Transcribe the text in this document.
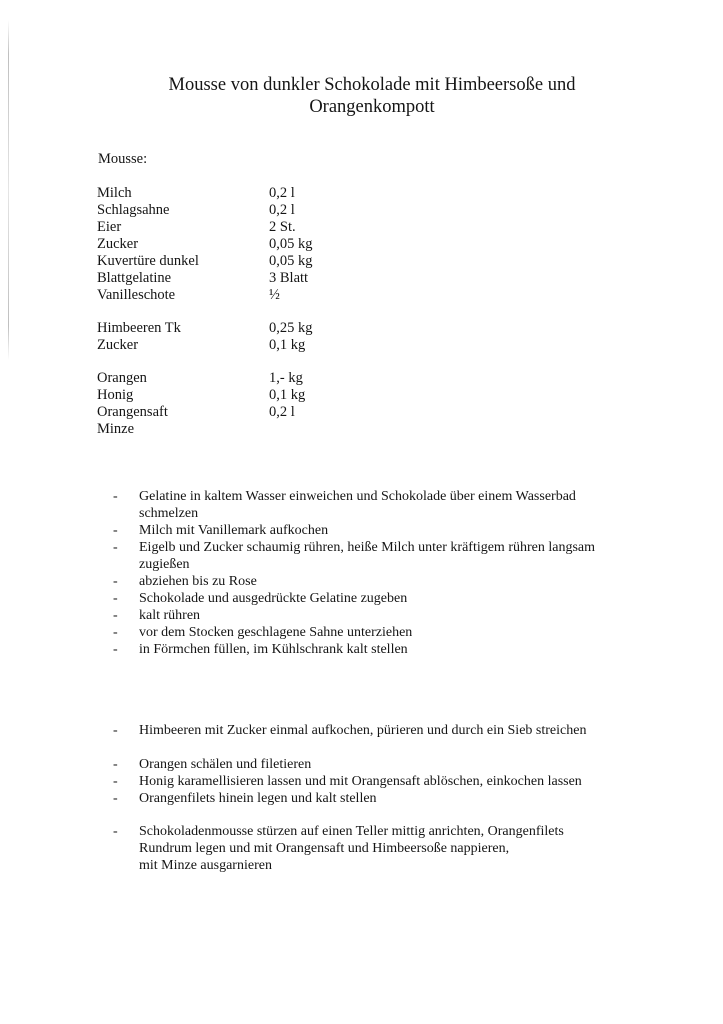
Mousse von dunkler Schokolade mit Himbeersoße und
Orangenkompott
Mousse:
Milch	0,2 l
Schlagsahne	0,2 l
Eier	2 St.
Zucker	0,05 kg
Kuvertüre dunkel	0,05 kg
Blattgelatine	3 Blatt
Vanilleschote	½
Himbeeren Tk	0,25 kg
Zucker	0,1 kg
Orangen	1,- kg
Honig	0,1 kg
Orangensaft	0,2 l
Minze
- Gelatine in kaltem Wasser einweichen und Schokolade über einem Wasserbad
schmelzen
- Milch mit Vanillemark aufkochen
- Eigelb und Zucker schaumig rühren, heiße Milch unter kräftigem rühren langsam
zugießen
- abziehen bis zu Rose
- Schokolade und ausgedrückte Gelatine zugeben
- kalt rühren
- vor dem Stocken geschlagene Sahne unterziehen
- in Förmchen füllen, im Kühlschrank kalt stellen
- Himbeeren mit Zucker einmal aufkochen, pürieren und durch ein Sieb streichen
- Orangen schälen und filetieren
- Honig karamellisieren lassen und mit Orangensaft ablöschen, einkochen lassen
- Orangenfilets hinein legen und kalt stellen
- Schokoladenmousse stürzen auf einen Teller mittig anrichten, Orangenfilets
Rundrum legen und mit Orangensaft und Himbeersoße nappieren,
mit Minze ausgarnieren
